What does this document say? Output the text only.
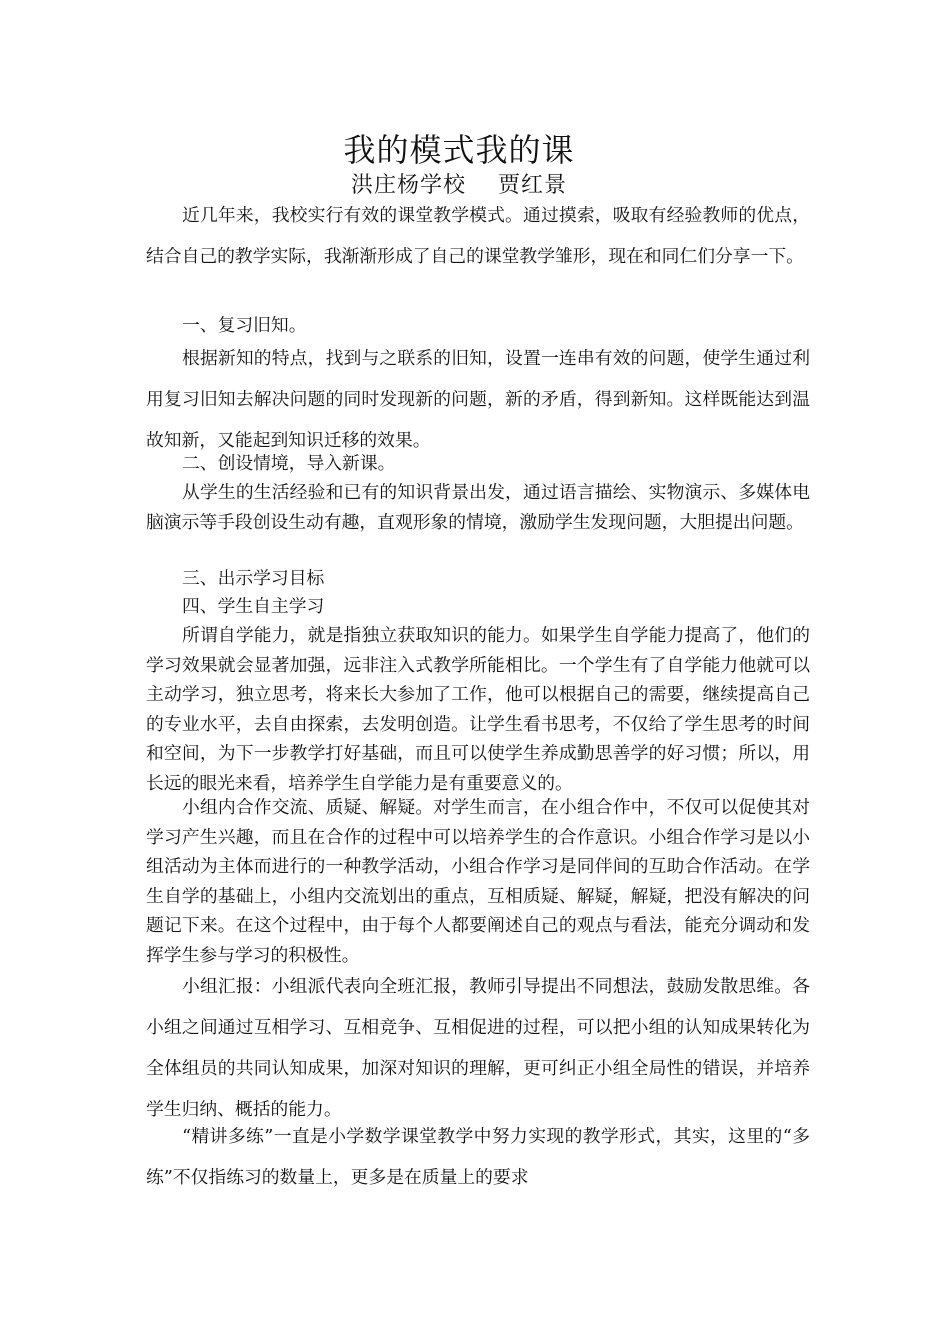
我的模式我的课
洪庄杨学校    贾红景

近几年来，我校实行有效的课堂教学模式。通过摸索，吸取有经验教师的优点，结合自己的教学实际，我渐渐形成了自己的课堂教学雏形，现在和同仁们分享一下。

一、复习旧知。

根据新知的特点，找到与之联系的旧知，设置一连串有效的问题，使学生通过利用复习旧知去解决问题的同时发现新的问题，新的矛盾，得到新知。这样既能达到温故知新，又能起到知识迁移的效果。

二、创设情境，导入新课。

从学生的生活经验和已有的知识背景出发，通过语言描绘、实物演示、多媒体电脑演示等手段创设生动有趣，直观形象的情境，激励学生发现问题，大胆提出问题。

三、出示学习目标

四、学生自主学习

所谓自学能力，就是指独立获取知识的能力。如果学生自学能力提高了，他们的学习效果就会显著加强，远非注入式教学所能相比。一个学生有了自学能力他就可以主动学习，独立思考，将来长大参加了工作，他可以根据自己的需要，继续提高自己的专业水平，去自由探索，去发明创造。让学生看书思考，不仅给了学生思考的时间和空间，为下一步教学打好基础，而且可以使学生养成勤思善学的好习惯；所以，用长远的眼光来看，培养学生自学能力是有重要意义的。

小组内合作交流、质疑、解疑。对学生而言，在小组合作中，不仅可以促使其对学习产生兴趣，而且在合作的过程中可以培养学生的合作意识。小组合作学习是以小组活动为主体而进行的一种教学活动，小组合作学习是同伴间的互助合作活动。在学生自学的基础上，小组内交流划出的重点，互相质疑、解疑，解疑，把没有解决的问题记下来。在这个过程中，由于每个人都要阐述自己的观点与看法，能充分调动和发挥学生参与学习的积极性。

小组汇报：小组派代表向全班汇报，教师引导提出不同想法，鼓励发散思维。各小组之间通过互相学习、互相竞争、互相促进的过程，可以把小组的认知成果转化为全体组员的共同认知成果，加深对知识的理解，更可纠正小组全局性的错误，并培养学生归纳、概括的能力。

“精讲多练”一直是小学数学课堂教学中努力实现的教学形式，其实，这里的“多练”不仅指练习的数量上，更多是在质量上的要求
